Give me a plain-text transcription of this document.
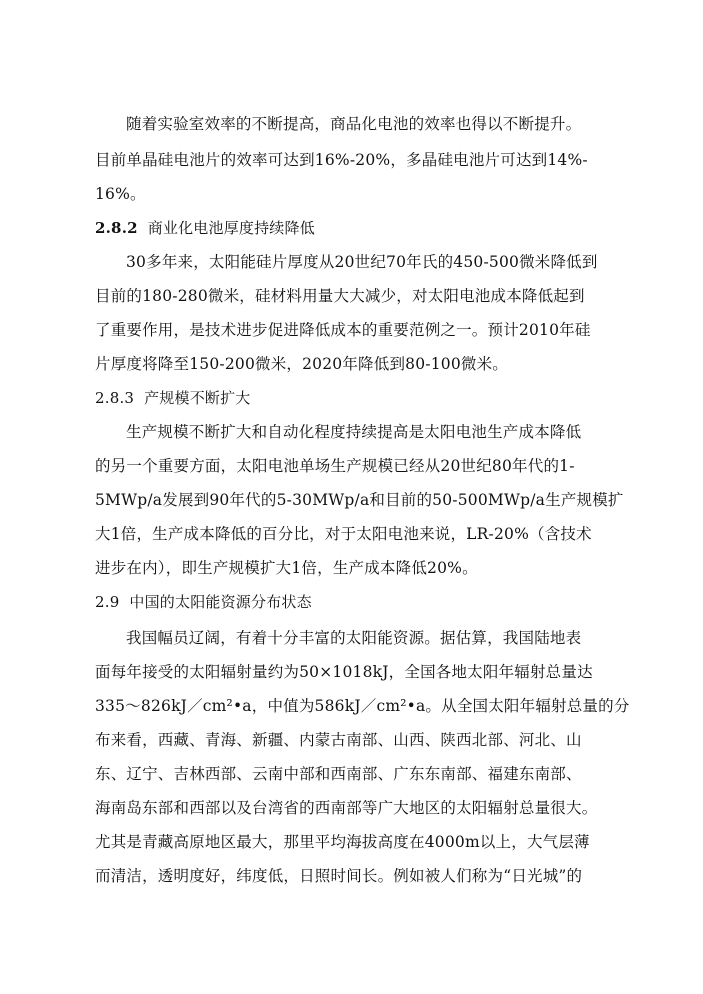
随着实验室效率的不断提高，商品化电池的效率也得以不断提升。
目前单晶硅电池片的效率可达到16%-20%，多晶硅电池片可达到14%-
16%。
2.8.2 商业化电池厚度持续降低
30多年来，太阳能硅片厚度从20世纪70年氏的450-500微米降低到
目前的180-280微米，硅材料用量大大减少，对太阳电池成本降低起到
了重要作用，是技术进步促进降低成本的重要范例之一。预计2010年硅
片厚度将降至150-200微米，2020年降低到80-100微米。
2.8.3 产规模不断扩大
生产规模不断扩大和自动化程度持续提高是太阳电池生产成本降低
的另一个重要方面，太阳电池单场生产规模已经从20世纪80年代的1-
5MWp/a发展到90年代的5-30MWp/a和目前的50-500MWp/a生产规模扩
大1倍，生产成本降低的百分比，对于太阳电池来说，LR-20%（含技术
进步在内），即生产规模扩大1倍，生产成本降低20%。
2.9 中国的太阳能资源分布状态
我国幅员辽阔，有着十分丰富的太阳能资源。据估算，我国陆地表
面每年接受的太阳辐射量约为50×1018kJ，全国各地太阳年辐射总量达
335～826kJ／cm²•a，中值为586kJ／cm²•a。从全国太阳年辐射总量的分
布来看，西藏、青海、新疆、内蒙古南部、山西、陕西北部、河北、山
东、辽宁、吉林西部、云南中部和西南部、广东东南部、福建东南部、
海南岛东部和西部以及台湾省的西南部等广大地区的太阳辐射总量很大。
尤其是青藏高原地区最大，那里平均海拔高度在4000m以上，大气层薄
而清洁，透明度好，纬度低，日照时间长。例如被人们称为“日光城”的
